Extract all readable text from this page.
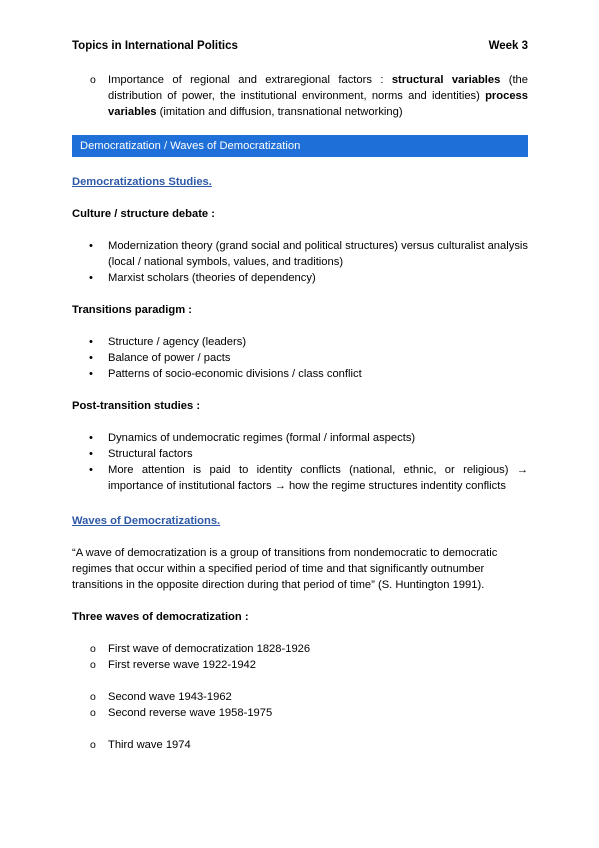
Topics in International Politics	Week 3
o Importance of regional and extraregional factors : structural variables (the distribution of power, the institutional environment, norms and identities) process variables (imitation and diffusion, transnational networking)
Democratization / Waves of Democratization
Democratizations Studies.
Culture / structure debate :
• Modernization theory (grand social and political structures) versus culturalist analysis (local / national symbols, values, and traditions)
• Marxist scholars (theories of dependency)
Transitions paradigm :
• Structure / agency (leaders)
• Balance of power / pacts
• Patterns of socio-economic divisions / class conflict
Post-transition studies :
• Dynamics of undemocratic regimes (formal / informal aspects)
• Structural factors
• More attention is paid to identity conflicts (national, ethnic, or religious) → importance of institutional factors → how the regime structures indentity conflicts
Waves of Democratizations.

“A wave of democratization is a group of transitions from nondemocratic to democratic regimes that occur within a specified period of time and that significantly outnumber transitions in the opposite direction during that period of time” (S. Huntington 1991).

Three waves of democratization :
o First wave of democratization 1828-1926
o First reverse wave 1922-1942
o Second wave 1943-1962
o Second reverse wave 1958-1975
o Third wave 1974
